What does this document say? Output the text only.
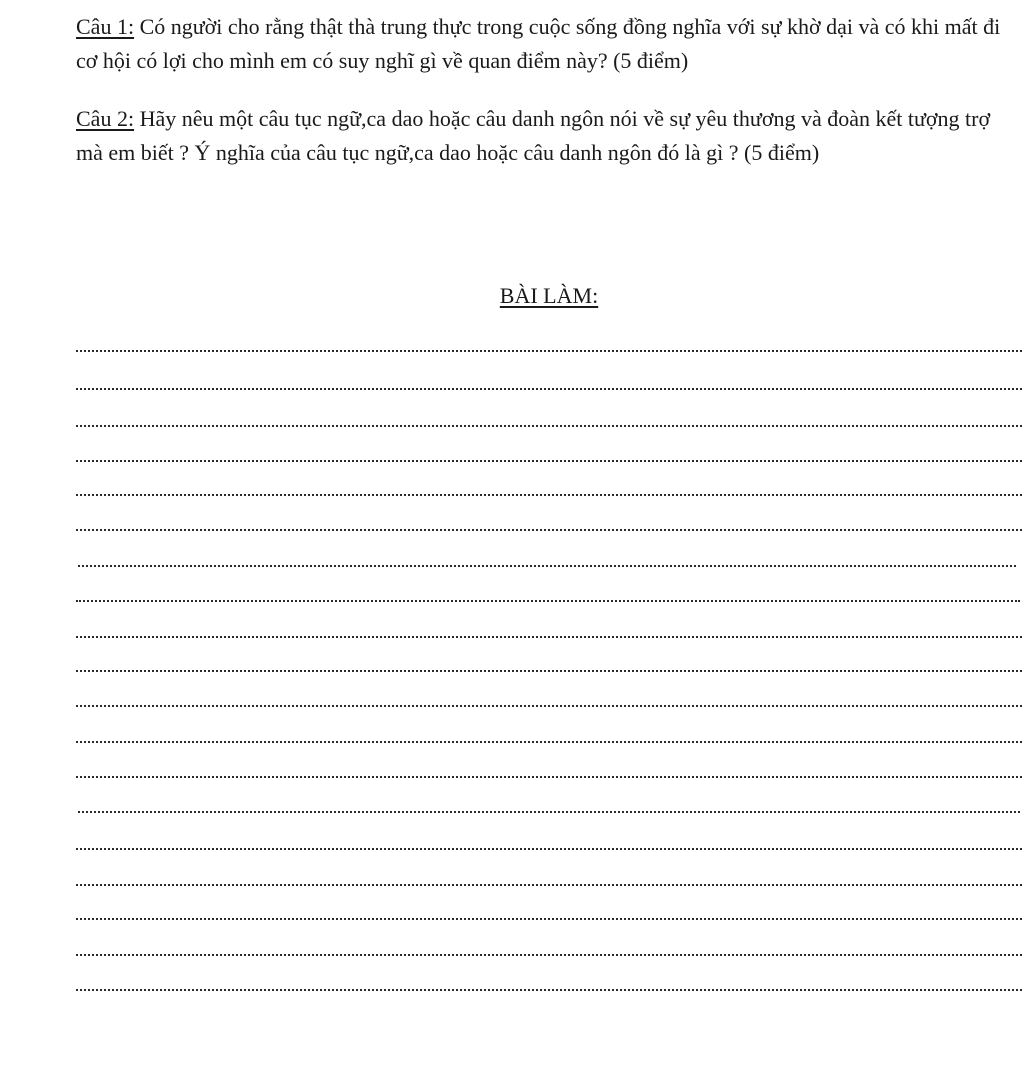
Câu 1: Có người cho rằng thật thà trung thực trong cuộc sống đồng nghĩa với sự khờ dại và có khi mất đi cơ hội có lợi cho mình em có suy nghĩ gì về quan điểm này? (5 điểm)
Câu 2: Hãy nêu một câu tục ngữ,ca dao hoặc câu danh ngôn nói về sự yêu thương và đoàn kết tượng trợ mà em biết ? Ý nghĩa của câu tục ngữ,ca dao hoặc câu danh ngôn đó là gì ? (5 điểm)
BÀI LÀM:
